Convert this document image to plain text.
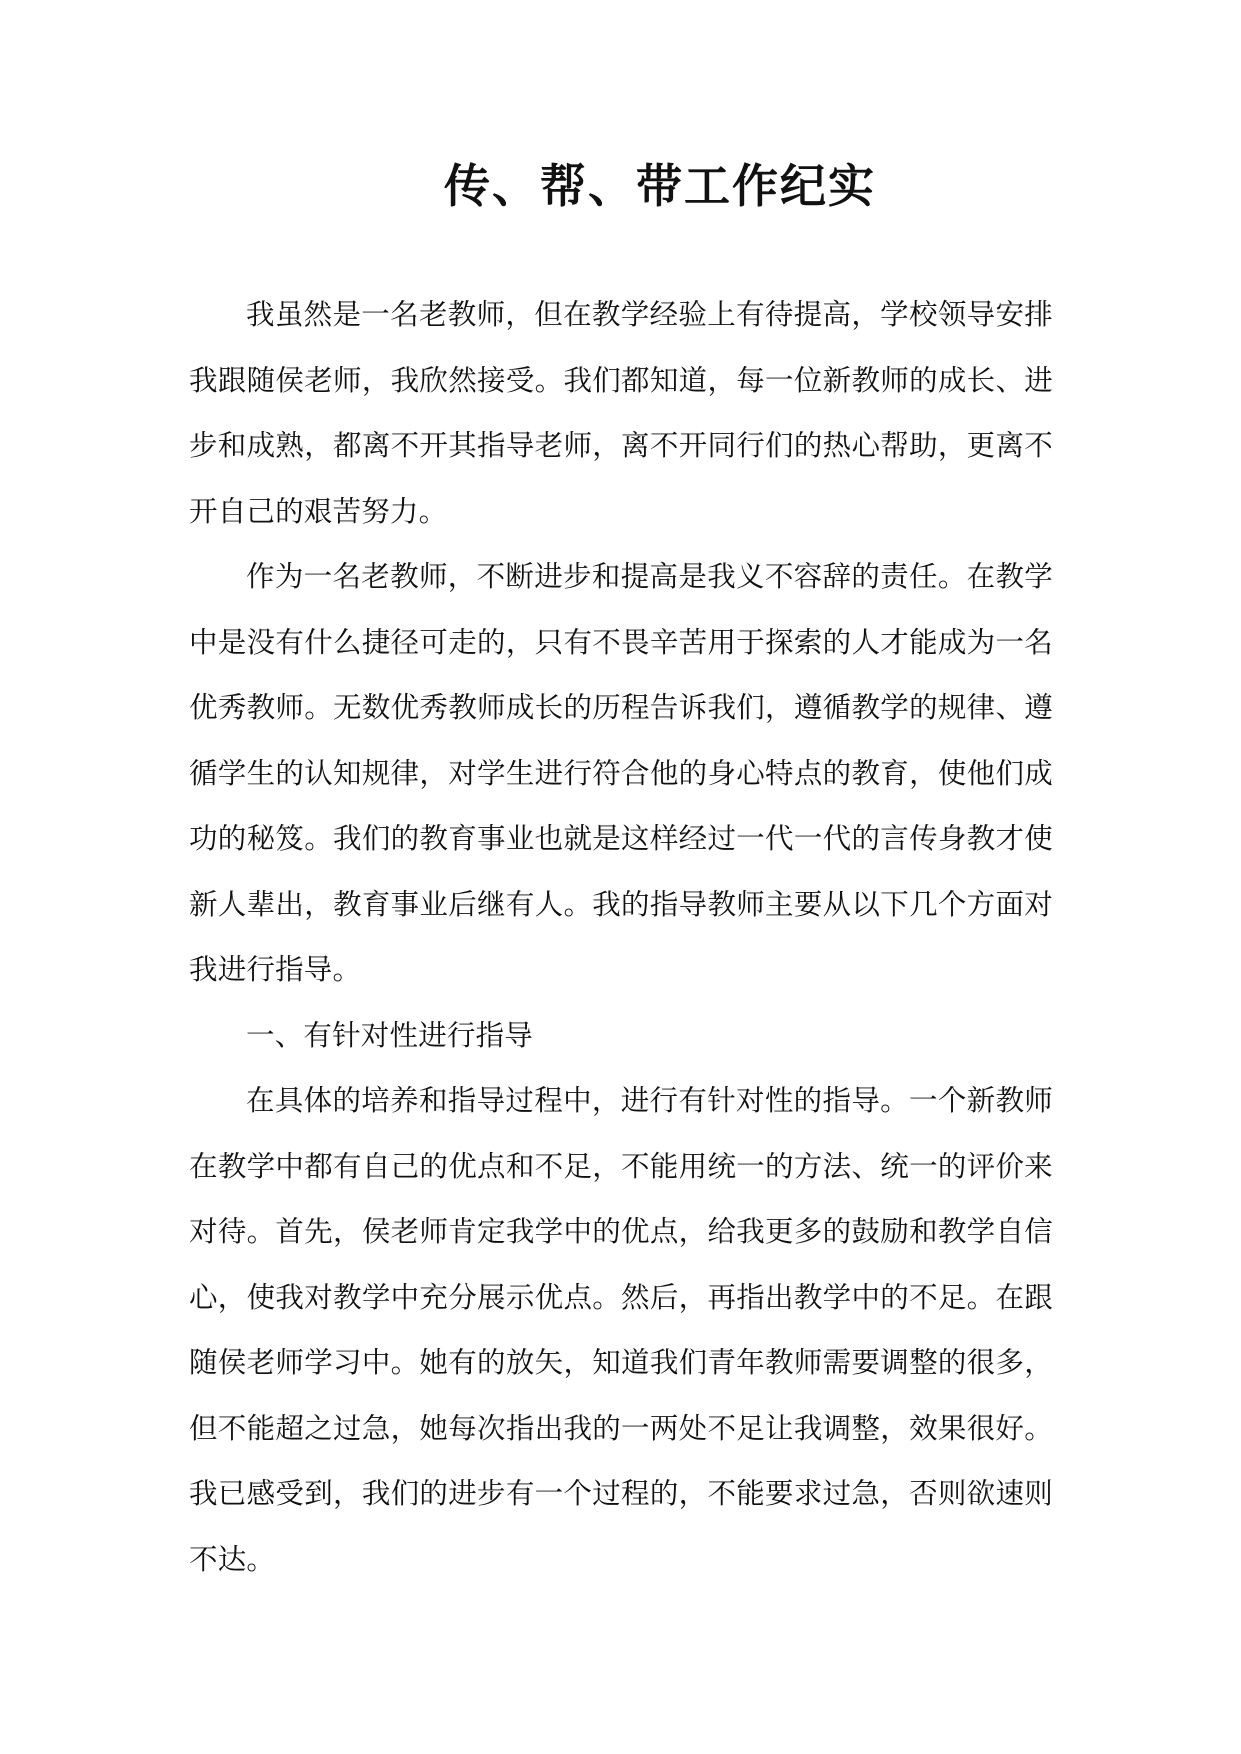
传、帮、带工作纪实

我虽然是一名老教师，但在教学经验上有待提高，学校领导安排我跟随侯老师，我欣然接受。我们都知道，每一位新教师的成长、进步和成熟，都离不开其指导老师，离不开同行们的热心帮助，更离不开自己的艰苦努力。

作为一名老教师，不断进步和提高是我义不容辞的责任。在教学中是没有什么捷径可走的，只有不畏辛苦用于探索的人才能成为一名优秀教师。无数优秀教师成长的历程告诉我们，遵循教学的规律、遵循学生的认知规律，对学生进行符合他的身心特点的教育，使他们成功的秘笈。我们的教育事业也就是这样经过一代一代的言传身教才使新人辈出，教育事业后继有人。我的指导教师主要从以下几个方面对我进行指导。

一、有针对性进行指导

在具体的培养和指导过程中，进行有针对性的指导。一个新教师在教学中都有自己的优点和不足，不能用统一的方法、统一的评价来对待。首先，侯老师肯定我学中的优点，给我更多的鼓励和教学自信心，使我对教学中充分展示优点。然后，再指出教学中的不足。在跟随侯老师学习中。她有的放矢，知道我们青年教师需要调整的很多，但不能超之过急，她每次指出我的一两处不足让我调整，效果很好。我已感受到，我们的进步有一个过程的，不能要求过急，否则欲速则不达。
